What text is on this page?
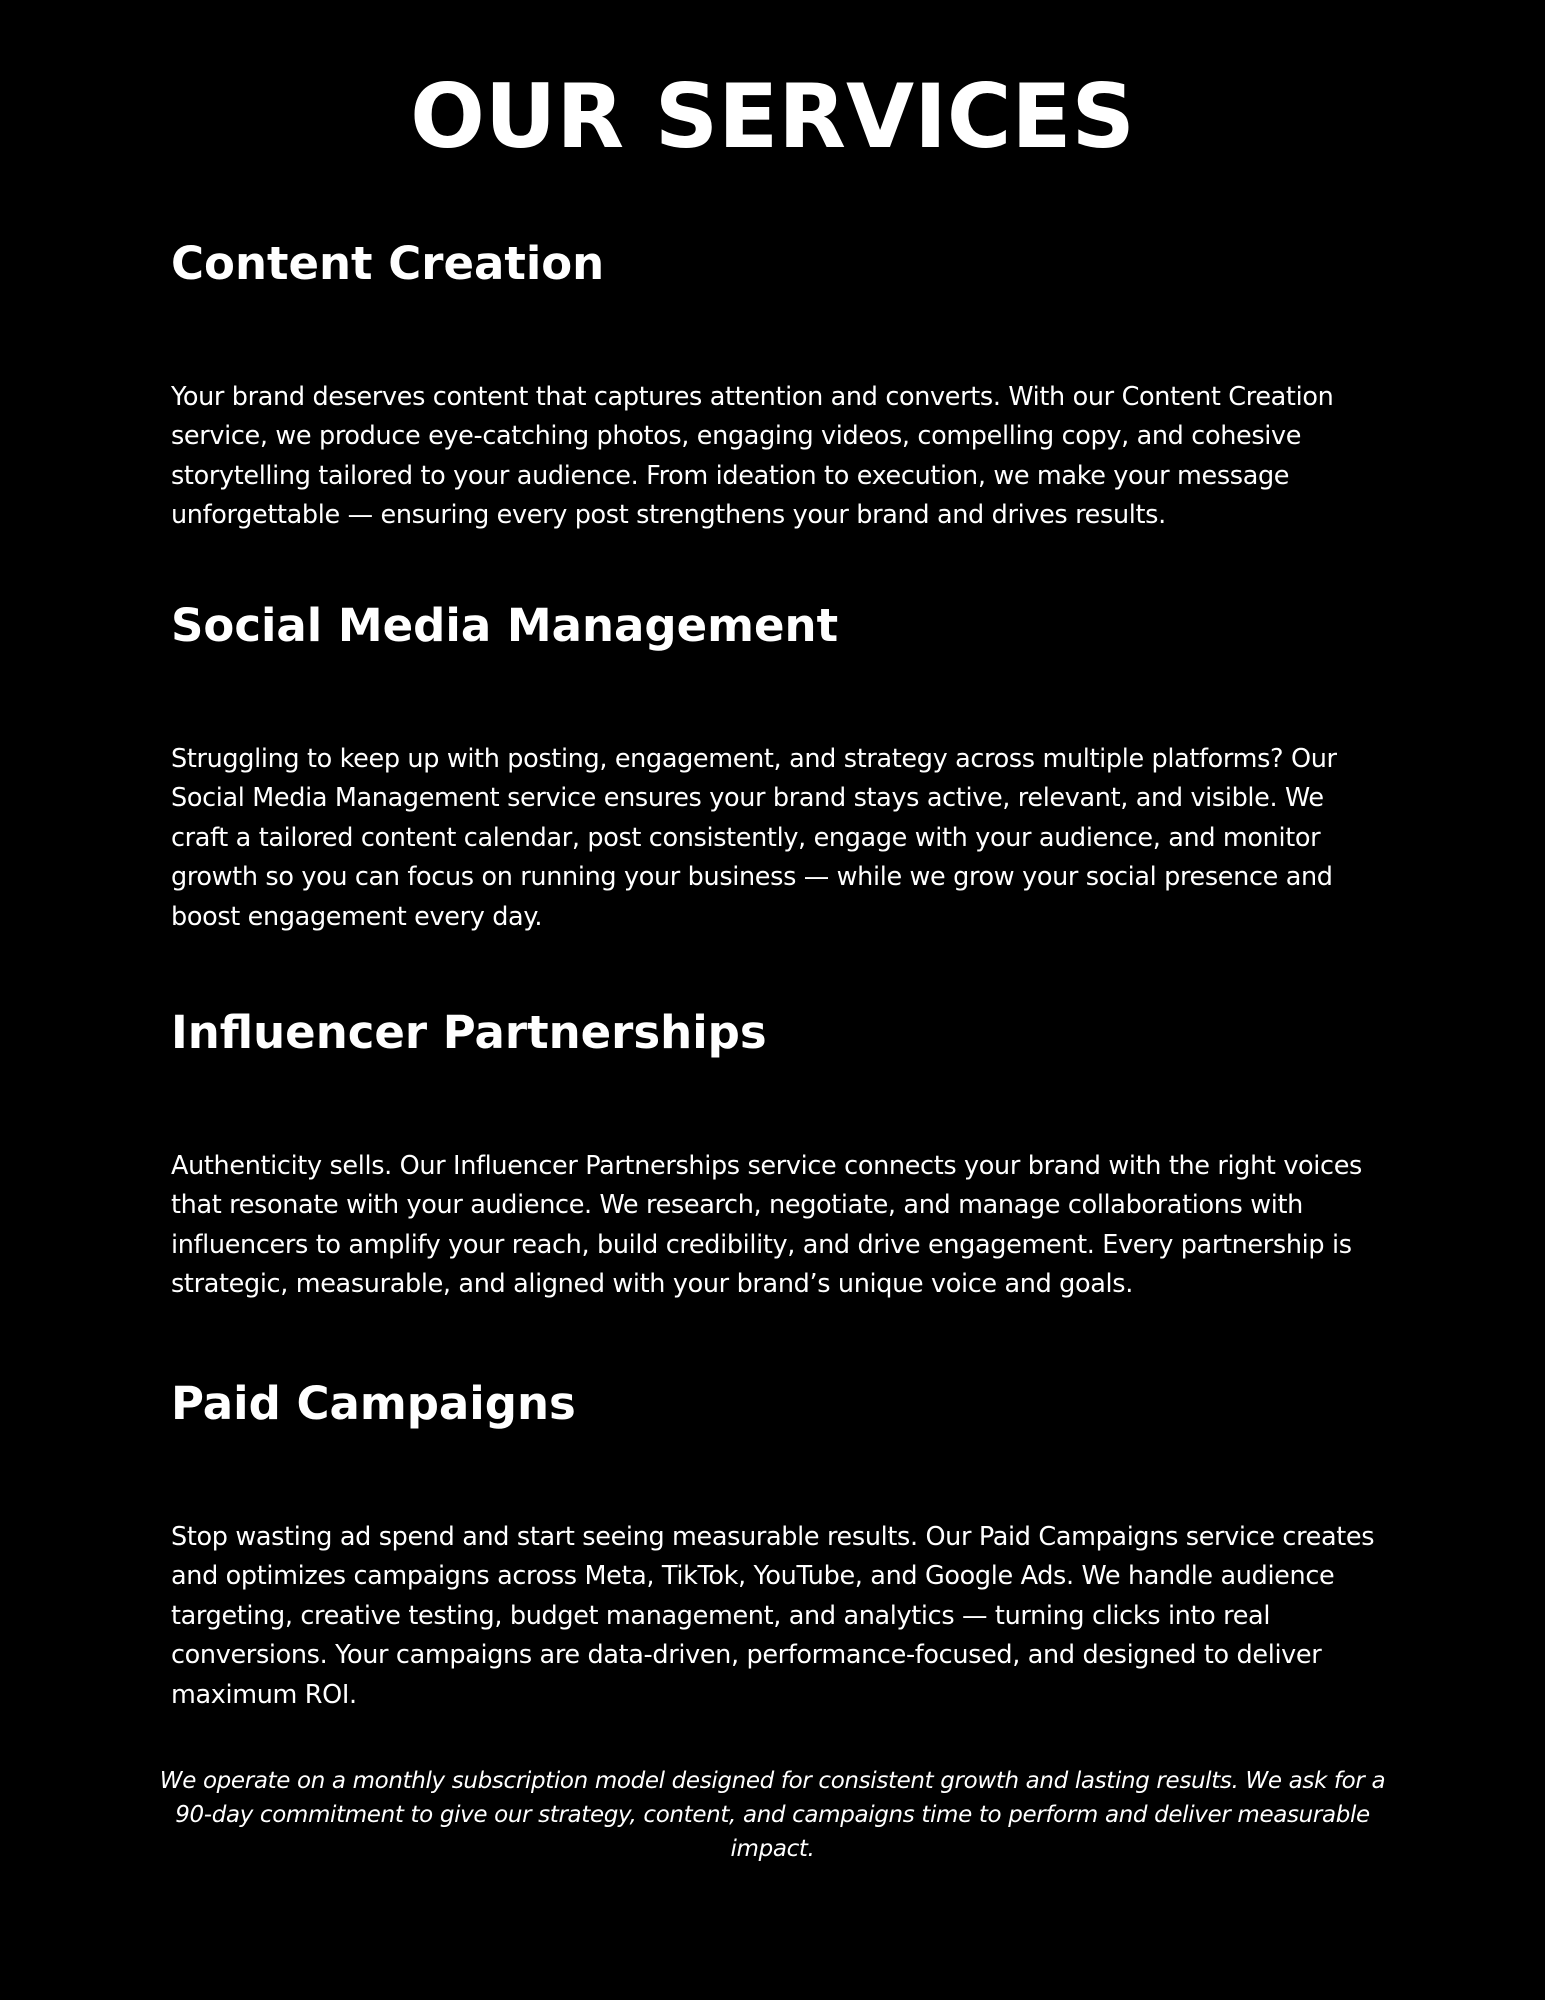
OUR SERVICES
Content Creation

Your brand deserves content that captures attention and converts. With our Content Creation service, we produce eye-catching photos, engaging videos, compelling copy, and cohesive storytelling tailored to your audience. From ideation to execution, we make your message unforgettable — ensuring every post strengthens your brand and drives results.

Social Media Management

Struggling to keep up with posting, engagement, and strategy across multiple platforms? Our Social Media Management service ensures your brand stays active, relevant, and visible. We craft a tailored content calendar, post consistently, engage with your audience, and monitor growth so you can focus on running your business — while we grow your social presence and boost engagement every day.

Influencer Partnerships

Authenticity sells. Our Influencer Partnerships service connects your brand with the right voices that resonate with your audience. We research, negotiate, and manage collaborations with influencers to amplify your reach, build credibility, and drive engagement. Every partnership is strategic, measurable, and aligned with your brand’s unique voice and goals.

Paid Campaigns

Stop wasting ad spend and start seeing measurable results. Our Paid Campaigns service creates and optimizes campaigns across Meta, TikTok, YouTube, and Google Ads. We handle audience targeting, creative testing, budget management, and analytics — turning clicks into real conversions. Your campaigns are data-driven, performance-focused, and designed to deliver maximum ROI.

We operate on a monthly subscription model designed for consistent growth and lasting results. We ask for a 90-day commitment to give our strategy, content, and campaigns time to perform and deliver measurable impact.
